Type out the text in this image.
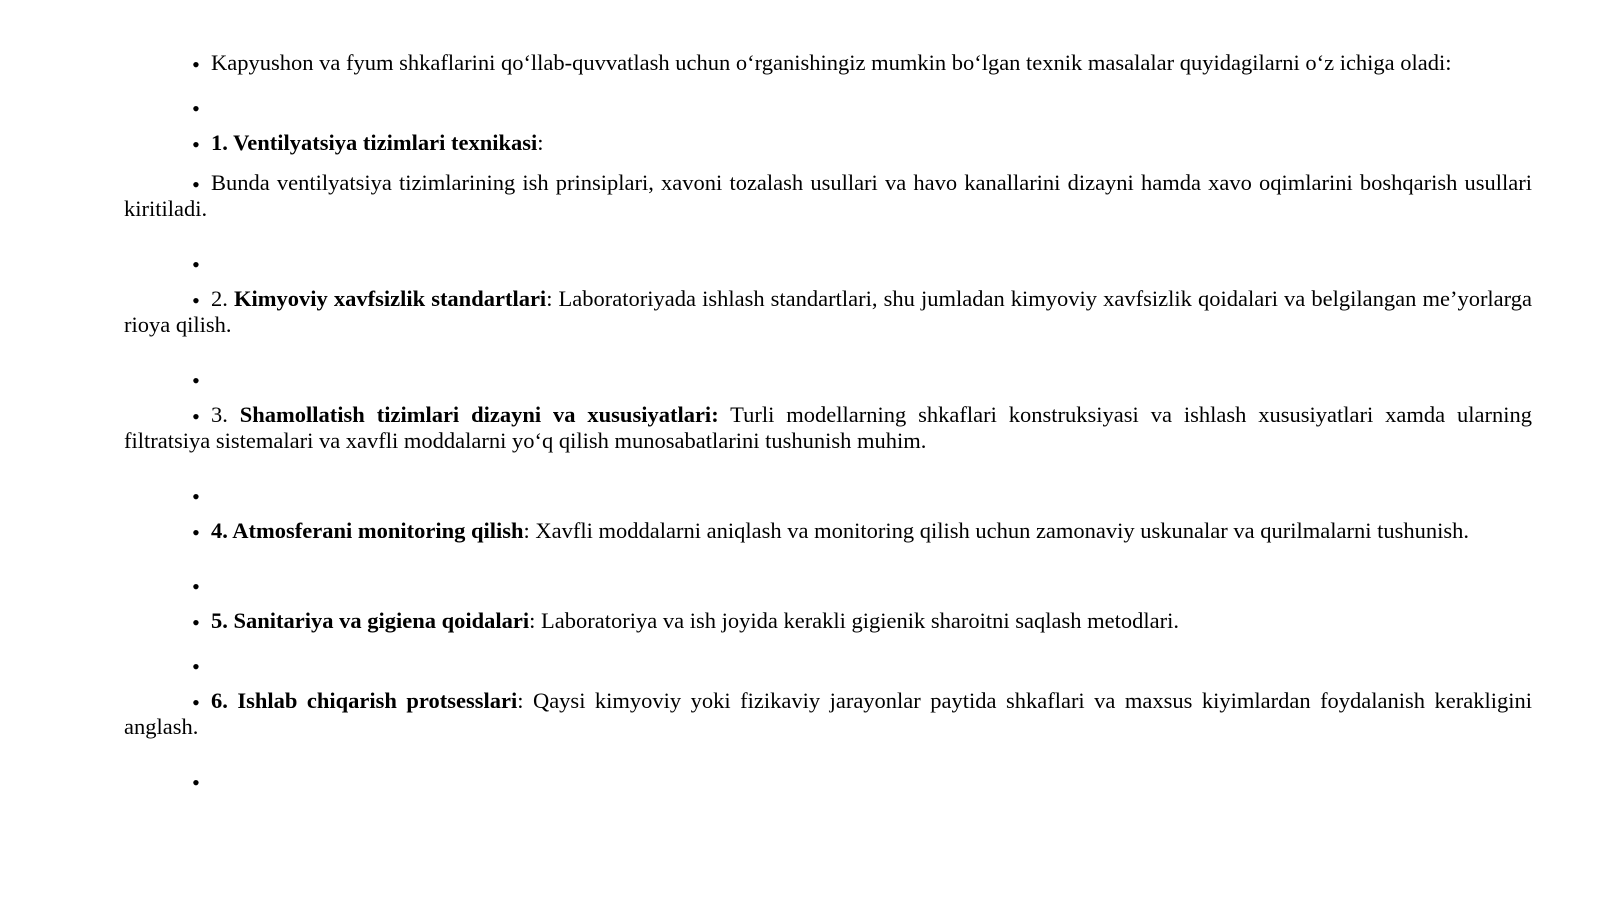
• Kapyushon va fyum shkaflarini qo‘llab-quvvatlash uchun o‘rganishingiz mumkin bo‘lgan texnik masalalar quyidagilarni o‘z ichiga oladi:

•

• 1. Ventilyatsiya tizimlari texnikasi:

• Bunda ventilyatsiya tizimlarining ish prinsiplari, xavoni tozalash usullari va havo kanallarini dizayni hamda xavo oqimlarini boshqarish usullari kiritiladi.

•

• 2. Kimyoviy xavfsizlik standartlari: Laboratoriyada ishlash standartlari, shu jumladan kimyoviy xavfsizlik qoidalari va belgilangan me’yorlarga rioya qilish.

•

• 3. Shamollatish tizimlari dizayni va xususiyatlari: Turli modellarning shkaflari konstruksiyasi va ishlash xususiyatlari xamda ularning filtratsiya sistemalari va xavfli moddalarni yo‘q qilish munosabatlarini tushunish muhim.

•

• 4. Atmosferani monitoring qilish: Xavfli moddalarni aniqlash va monitoring qilish uchun zamonaviy uskunalar va qurilmalarni tushunish.

•

• 5. Sanitariya va gigiena qoidalari: Laboratoriya va ish joyida kerakli gigienik sharoitni saqlash metodlari.

•

• 6. Ishlab chiqarish protsesslari: Qaysi kimyoviy yoki fizikaviy jarayonlar paytida shkaflari va maxsus kiyimlardan foydalanish kerakligini anglash.

•
